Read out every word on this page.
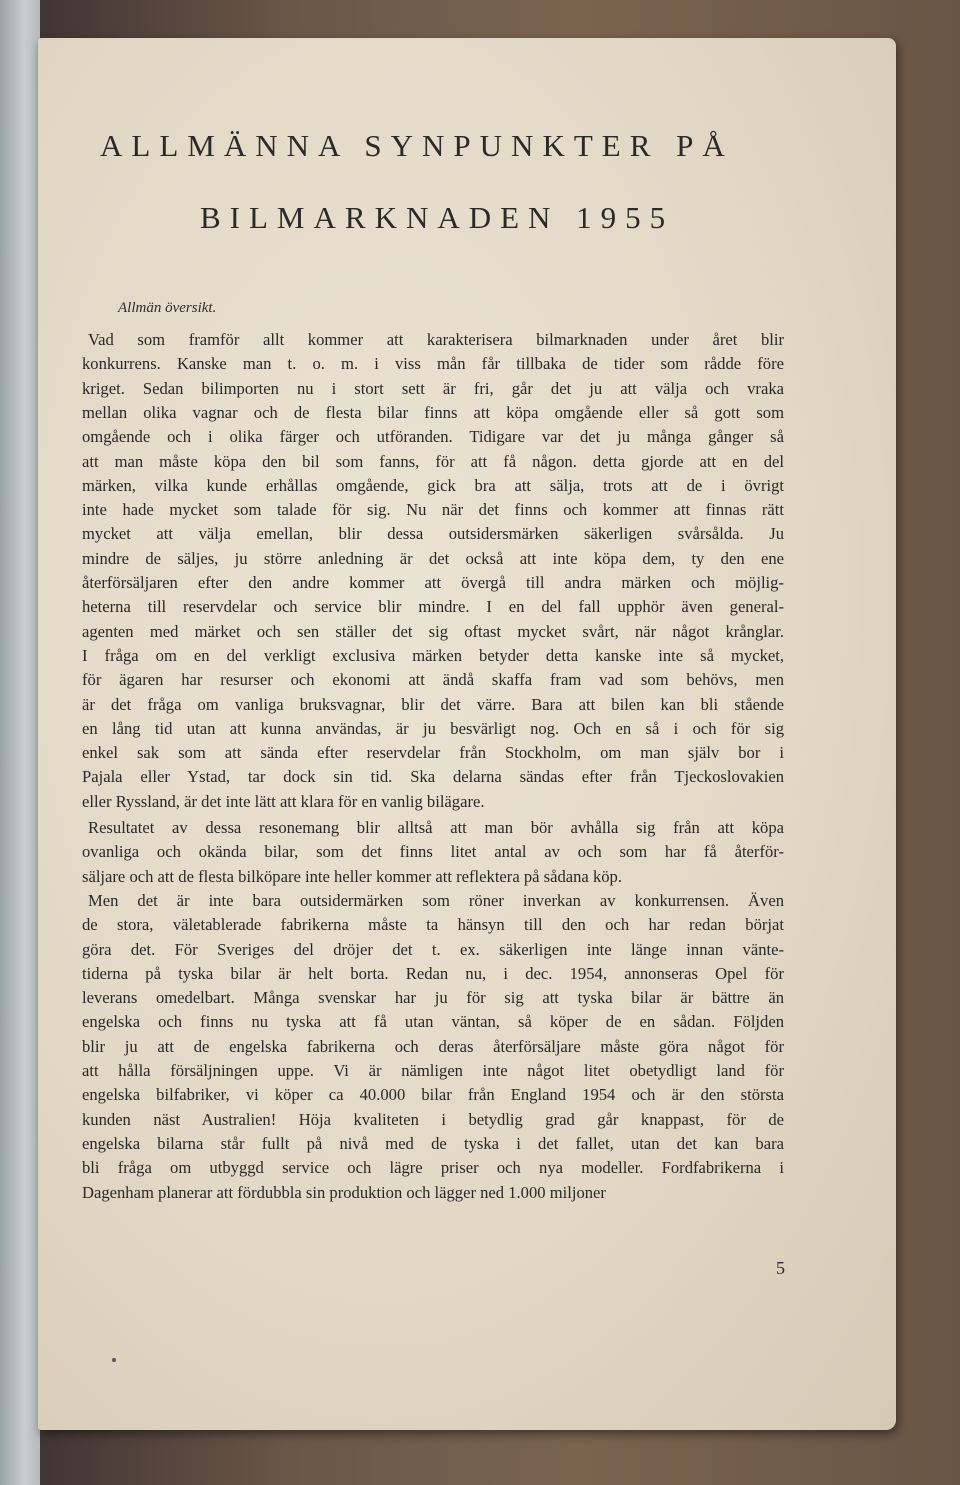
ALLMÄNNA SYNPUNKTER PÅ
BILMARKNADEN 1955
Allmän översikt.
Vad som framför allt kommer att karakterisera bilmarknaden under året blir
konkurrens. Kanske man t. o. m. i viss mån får tillbaka de tider som rådde före
kriget. Sedan bilimporten nu i stort sett är fri, går det ju att välja och vraka
mellan olika vagnar och de flesta bilar finns att köpa omgående eller så gott som
omgående och i olika färger och utföranden. Tidigare var det ju många gånger så
att man måste köpa den bil som fanns, för att få någon. detta gjorde att en del
märken, vilka kunde erhållas omgående, gick bra att sälja, trots att de i övrigt
inte hade mycket som talade för sig. Nu när det finns och kommer att finnas rätt
mycket att välja emellan, blir dessa outsidersmärken säkerligen svårsålda. Ju
mindre de säljes, ju större anledning är det också att inte köpa dem, ty den ene
återförsäljaren efter den andre kommer att övergå till andra märken och möjlig-
heterna till reservdelar och service blir mindre. I en del fall upphör även general-
agenten med märket och sen ställer det sig oftast mycket svårt, när något krånglar.
I fråga om en del verkligt exclusiva märken betyder detta kanske inte så mycket,
för ägaren har resurser och ekonomi att ändå skaffa fram vad som behövs, men
är det fråga om vanliga bruksvagnar, blir det värre. Bara att bilen kan bli stående
en lång tid utan att kunna användas, är ju besvärligt nog. Och en så i och för sig
enkel sak som att sända efter reservdelar från Stockholm, om man själv bor i
Pajala eller Ystad, tar dock sin tid. Ska delarna sändas efter från Tjeckoslovakien
eller Ryssland, är det inte lätt att klara för en vanlig bilägare.
Resultatet av dessa resonemang blir alltså att man bör avhålla sig från att köpa
ovanliga och okända bilar, som det finns litet antal av och som har få återför-
säljare och att de flesta bilköpare inte heller kommer att reflektera på sådana köp.
Men det är inte bara outsidermärken som röner inverkan av konkurrensen. Även
de stora, väletablerade fabrikerna måste ta hänsyn till den och har redan börjat
göra det. För Sveriges del dröjer det t. ex. säkerligen inte länge innan vänte-
tiderna på tyska bilar är helt borta. Redan nu, i dec. 1954, annonseras Opel för
leverans omedelbart. Många svenskar har ju för sig att tyska bilar är bättre än
engelska och finns nu tyska att få utan väntan, så köper de en sådan. Följden
blir ju att de engelska fabrikerna och deras återförsäljare måste göra något för
att hålla försäljningen uppe. Vi är nämligen inte något litet obetydligt land för
engelska bilfabriker, vi köper ca 40.000 bilar från England 1954 och är den största
kunden näst Australien! Höja kvaliteten i betydlig grad går knappast, för de
engelska bilarna står fullt på nivå med de tyska i det fallet, utan det kan bara
bli fråga om utbyggd service och lägre priser och nya modeller. Fordfabrikerna i
Dagenham planerar att fördubbla sin produktion och lägger ned 1.000 miljoner
5
